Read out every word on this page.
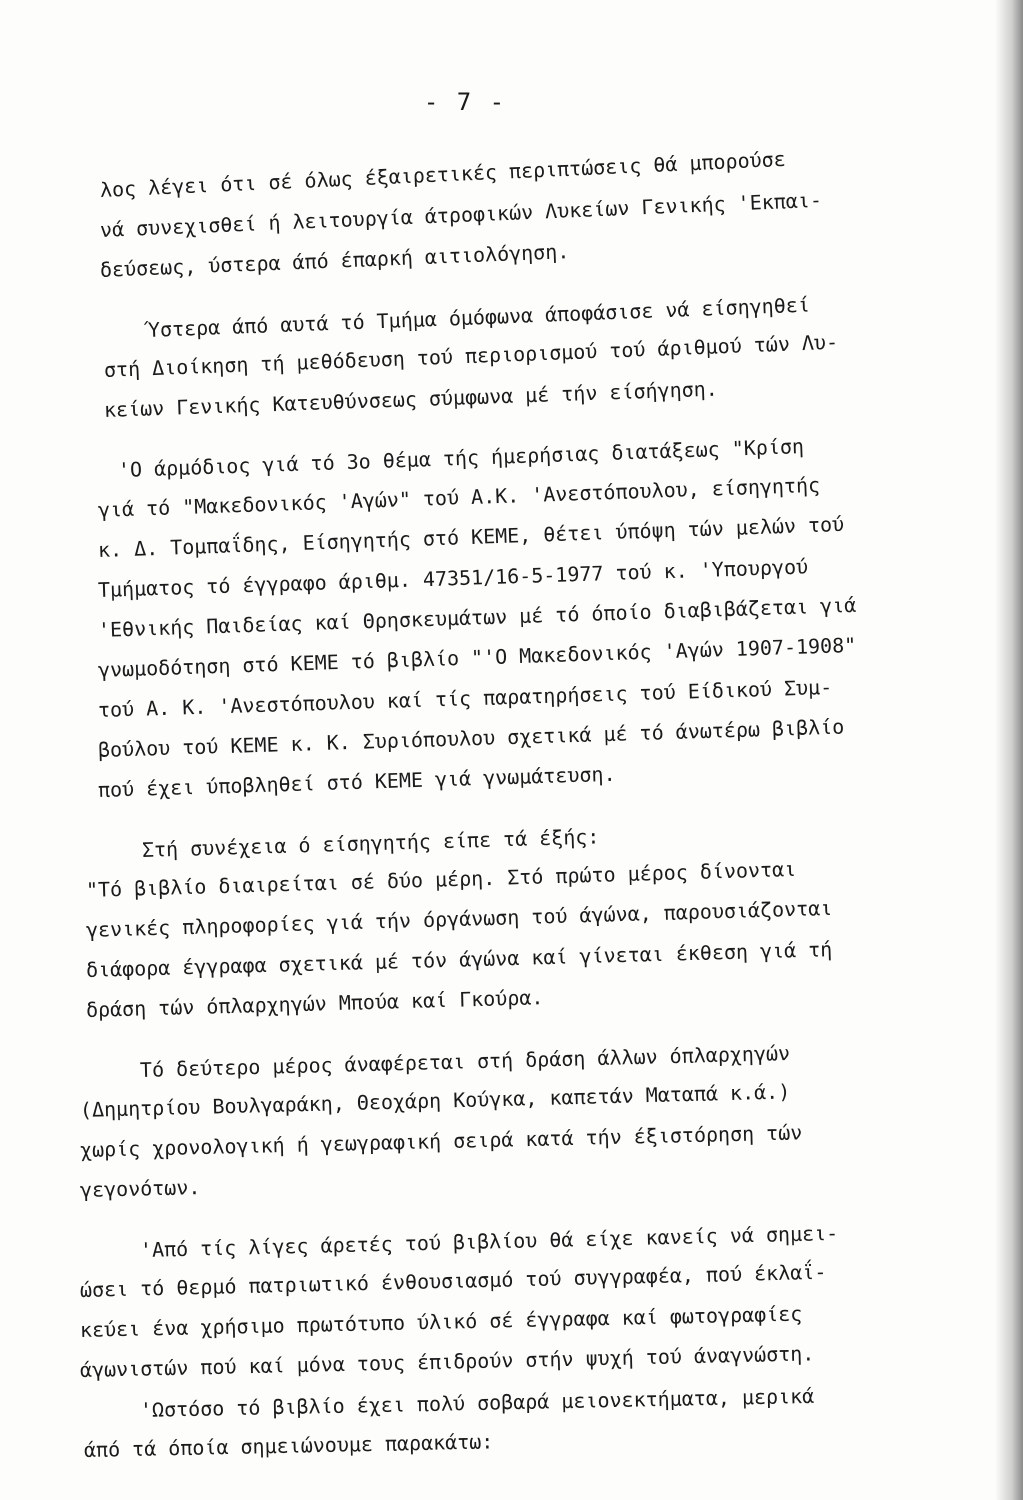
- 7 -
λος λέγει ότι σέ όλως έξαιρετικές περιπτώσεις θά μπορούσε
νά συνεχισθεί ή λειτουργία άτροφικών Λυκείων Γενικής 'Εκπαι-
δεύσεως, ύστερα άπό έπαρκή αιτιολόγηση.
Ύστερα άπό αυτά τό Τμήμα όμόφωνα άποφάσισε νά είσηγηθεί
στή Διοίκηση τή μεθόδευση τού περιορισμού τού άριθμού τών Λυ-
κείων Γενικής Κατευθύνσεως σύμφωνα μέ τήν είσήγηση.
'Ο άρμόδιος γιά τό 3ο θέμα τής ήμερήσιας διατάξεως "Κρίση
γιά τό "Μακεδονικός 'Αγών" τού Α.Κ. 'Ανεστόπουλου, είσηγητής
κ. Δ. Τομπαΐδης, Είσηγητής στό ΚΕΜΕ, θέτει ύπόψη τών μελών τού
Τμήματος τό έγγραφο άριθμ. 47351/16-5-1977 τού κ. 'Υπουργού
'Εθνικής Παιδείας καί Θρησκευμάτων μέ τό όποίο διαβιβάζεται γιά
γνωμοδότηση στό ΚΕΜΕ τό βιβλίο "'Ο Μακεδονικός 'Αγών 1907-1908"
τού Α. Κ. 'Ανεστόπουλου καί τίς παρατηρήσεις τού Είδικού Συμ-
βούλου τού ΚΕΜΕ κ. Κ. Συριόπουλου σχετικά μέ τό άνωτέρω βιβλίο
πού έχει ύποβληθεί στό ΚΕΜΕ γιά γνωμάτευση.
Στή συνέχεια ό είσηγητής είπε τά έξής:
"Τό βιβλίο διαιρείται σέ δύο μέρη. Στό πρώτο μέρος δίνονται
γενικές πληροφορίες γιά τήν όργάνωση τού άγώνα, παρουσιάζονται
διάφορα έγγραφα σχετικά μέ τόν άγώνα καί γίνεται έκθεση γιά τή
δράση τών όπλαρχηγών Μπούα καί Γκούρα.
Τό δεύτερο μέρος άναφέρεται στή δράση άλλων όπλαρχηγών
(Δημητρίου Βουλγαράκη, Θεοχάρη Κούγκα, καπετάν Ματαπά κ.ά.)
χωρίς χρονολογική ή γεωγραφική σειρά κατά τήν έξιστόρηση τών
γεγονότων.
'Από τίς λίγες άρετές τού βιβλίου θά είχε κανείς νά σημει-
ώσει τό θερμό πατριωτικό ένθουσιασμό τού συγγραφέα, πού έκλαΐ-
κεύει ένα χρήσιμο πρωτότυπο ύλικό σέ έγγραφα καί φωτογραφίες
άγωνιστών πού καί μόνα τους έπιδρούν στήν ψυχή τού άναγνώστη.
'Ωστόσο τό βιβλίο έχει πολύ σοβαρά μειονεκτήματα, μερικά
άπό τά όποία σημειώνουμε παρακάτω:
